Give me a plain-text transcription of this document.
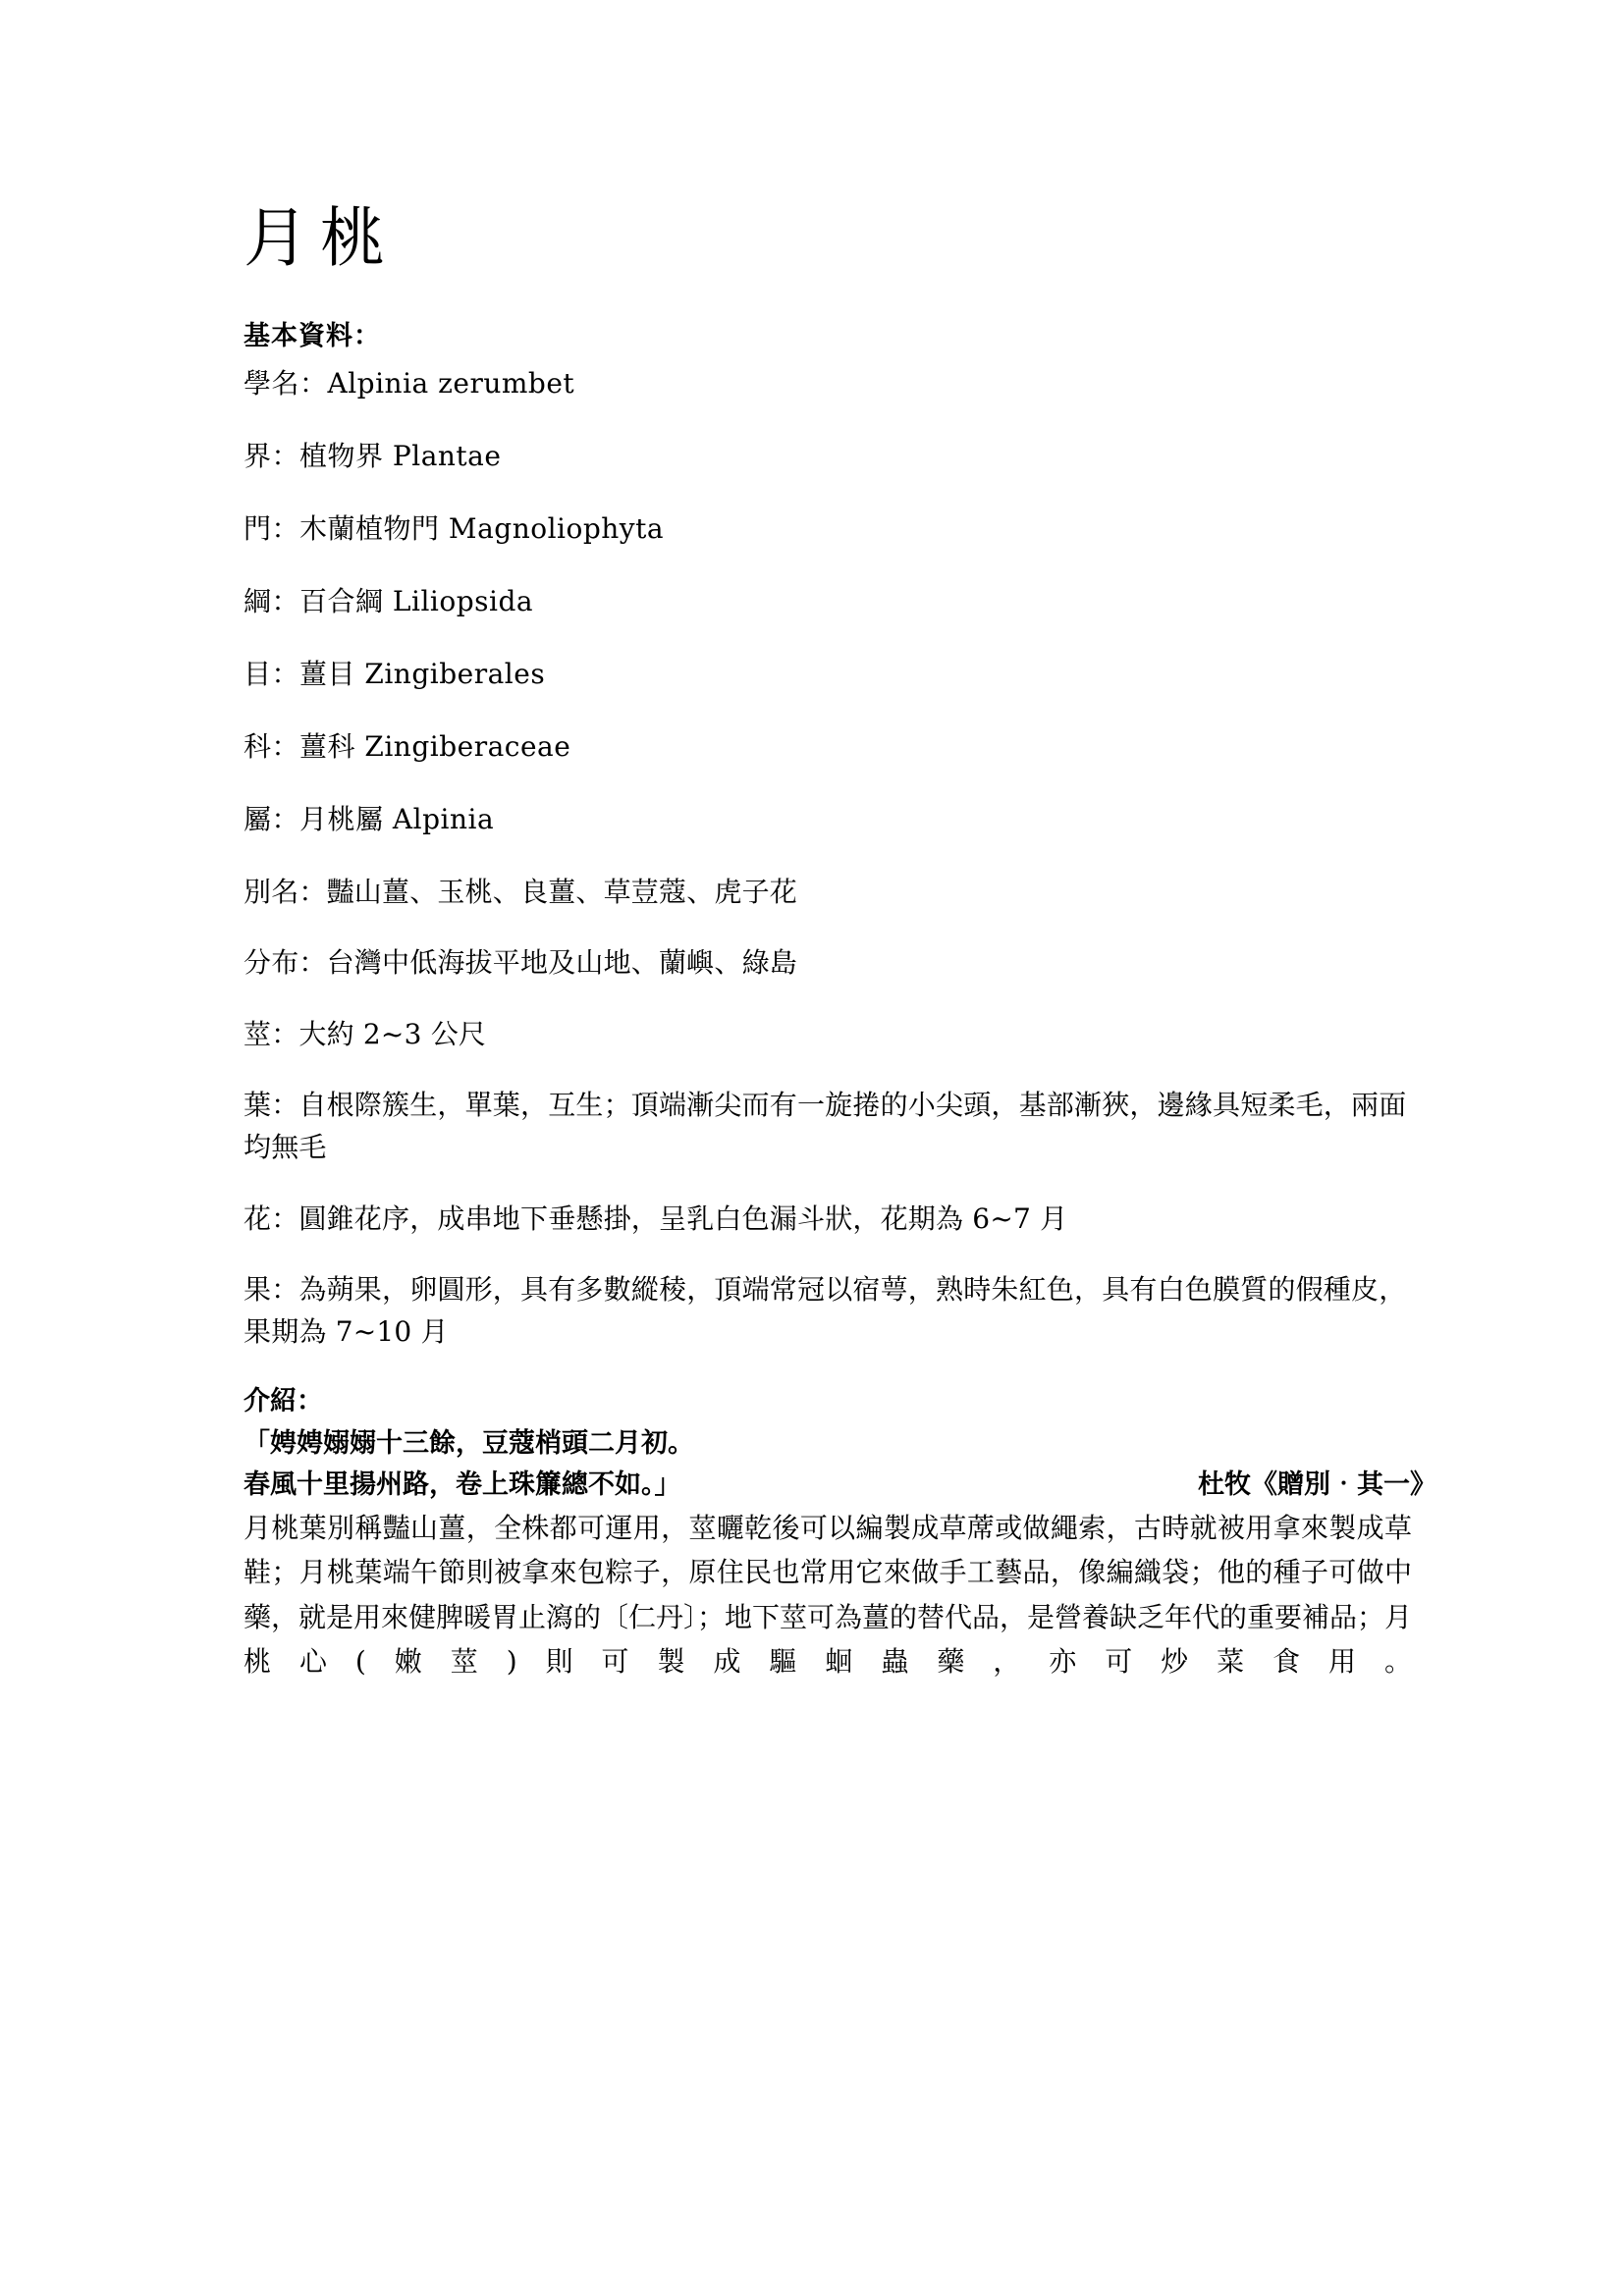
月桃
基本資料：
學名：Alpinia zerumbet
界：植物界 Plantae
門：木蘭植物門 Magnoliophyta
綱：百合綱 Liliopsida
目：薑目 Zingiberales
科：薑科 Zingiberaceae
屬：月桃屬 Alpinia
別名：豔山薑、玉桃、良薑、草荳蔻、虎子花
分布：台灣中低海拔平地及山地、蘭嶼、綠島
莖：大約 2~3 公尺
葉：自根際簇生，單葉，互生；頂端漸尖而有一旋捲的小尖頭，基部漸狹，邊緣具短柔毛，兩面均無毛
花：圓錐花序，成串地下垂懸掛，呈乳白色漏斗狀，花期為 6~7 月
果：為蒴果，卵圓形，具有多數縱稜，頂端常冠以宿萼，熟時朱紅色，具有白色膜質的假種皮，果期為 7~10 月
介紹：
「娉娉嫋嫋十三餘，豆蔻梢頭二月初。
春風十里揚州路，卷上珠簾總不如。」	杜牧《贈別‧其一》

月桃葉別稱豔山薑，全株都可運用，莖曬乾後可以編製成草蓆或做繩索，古時就被用拿來製成草鞋；月桃葉端午節則被拿來包粽子，原住民也常用它來做手工藝品，像編織袋；他的種子可做中藥，就是用來健脾暖胃止瀉的〔仁丹〕；地下莖可為薑的替代品，是營養缺乏年代的重要補品；月桃心(嫩莖)則可製成驅蛔蟲藥，亦可炒菜食用。
